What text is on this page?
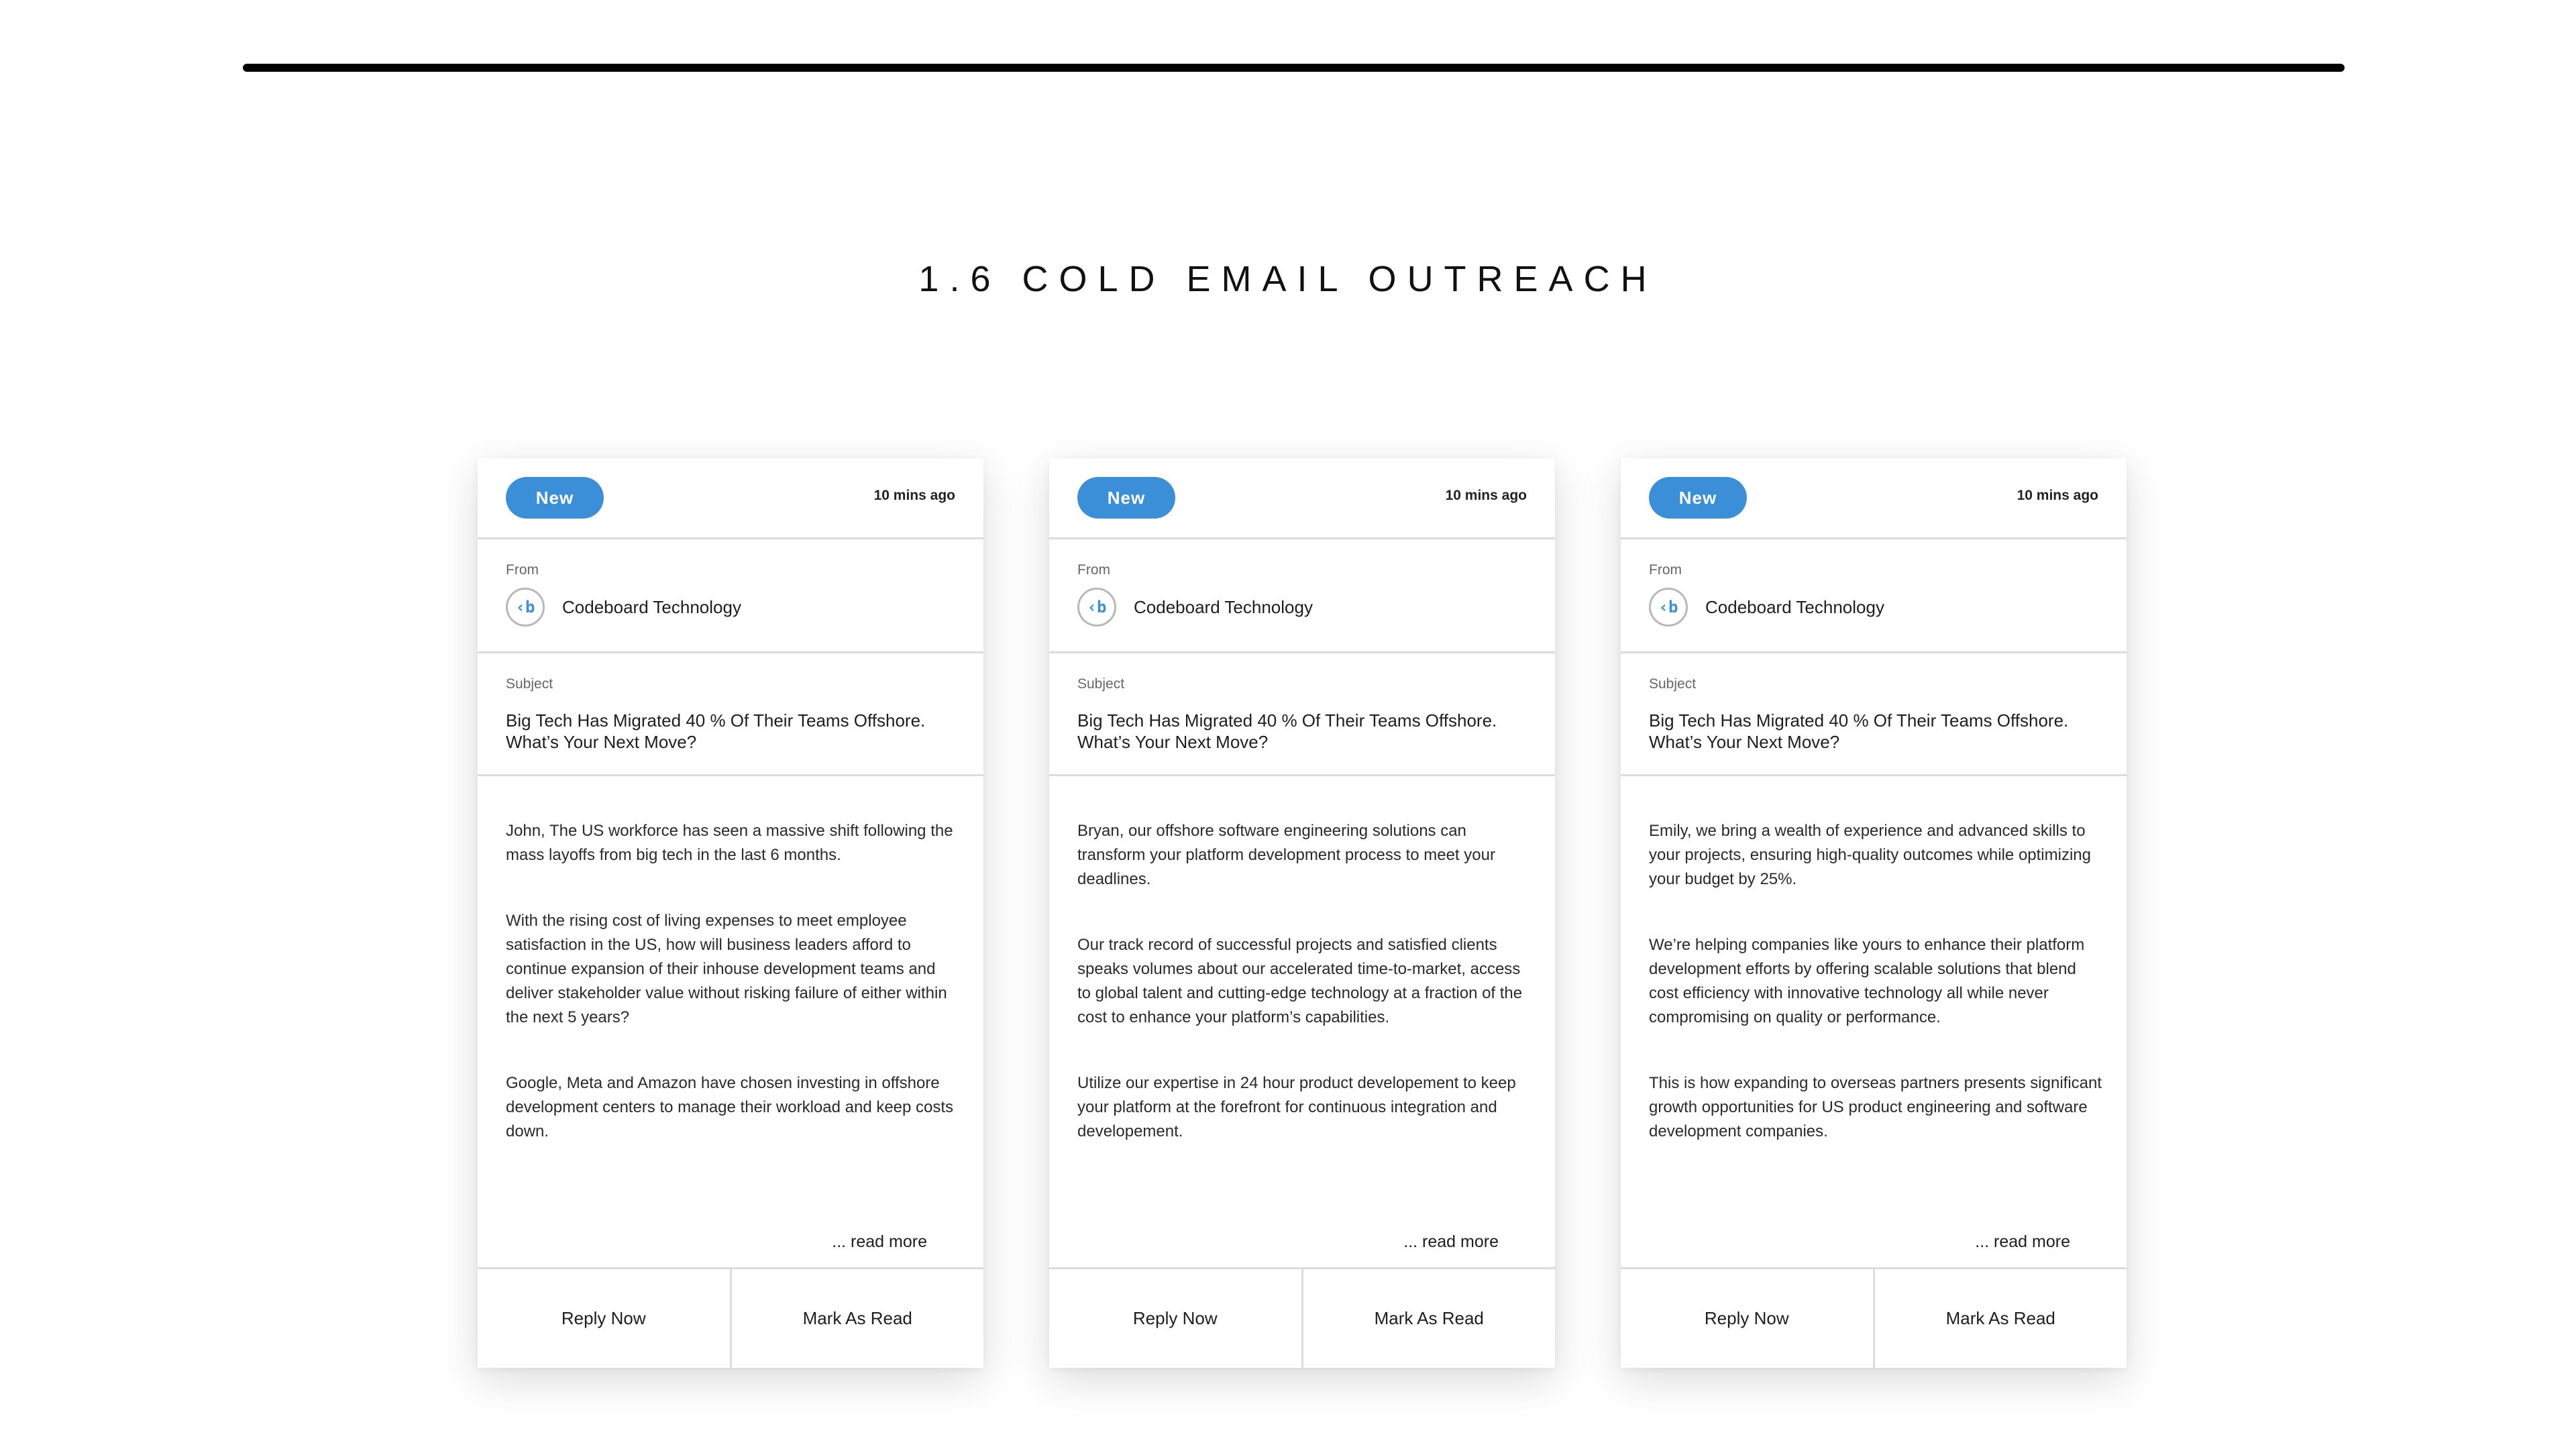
1.6 COLD EMAIL OUTREACH
New	10 mins ago
From
‹b	Codeboard Technology
Subject
Big Tech Has Migrated 40 % Of Their Teams Offshore.
What’s Your Next Move?

John, The US workforce has seen a massive shift following the mass layoffs from big tech in the last 6 months.

With the rising cost of living expenses to meet employee satisfaction in the US, how will business leaders afford to continue expansion of their inhouse development teams and deliver stakeholder value without risking failure of either within the next 5 years?

Google, Meta and Amazon have chosen investing in offshore development centers to manage their workload and keep costs down.

... read more
Reply Now	Mark As Read
New	10 mins ago
From
‹b	Codeboard Technology
Subject
Big Tech Has Migrated 40 % Of Their Teams Offshore.
What’s Your Next Move?

Bryan, our offshore software engineering solutions can transform your platform development process to meet your deadlines.

Our track record of successful projects and satisfied clients speaks volumes about our accelerated time-to-market, access to global talent and cutting-edge technology at a fraction of the cost to enhance your platform’s capabilities.

Utilize our expertise in 24 hour product developement to keep your platform at the forefront for continuous integration and developement.

... read more
Reply Now	Mark As Read
New	10 mins ago
From
‹b	Codeboard Technology
Subject
Big Tech Has Migrated 40 % Of Their Teams Offshore.
What’s Your Next Move?

Emily, we bring a wealth of experience and advanced skills to your projects, ensuring high-quality outcomes while optimizing your budget by 25%.

We’re helping companies like yours to enhance their platform development efforts by offering scalable solutions that blend cost efficiency with innovative technology all while never compromising on quality or performance.

This is how expanding to overseas partners presents significant growth opportunities for US product engineering and software development companies.

... read more
Reply Now	Mark As Read
